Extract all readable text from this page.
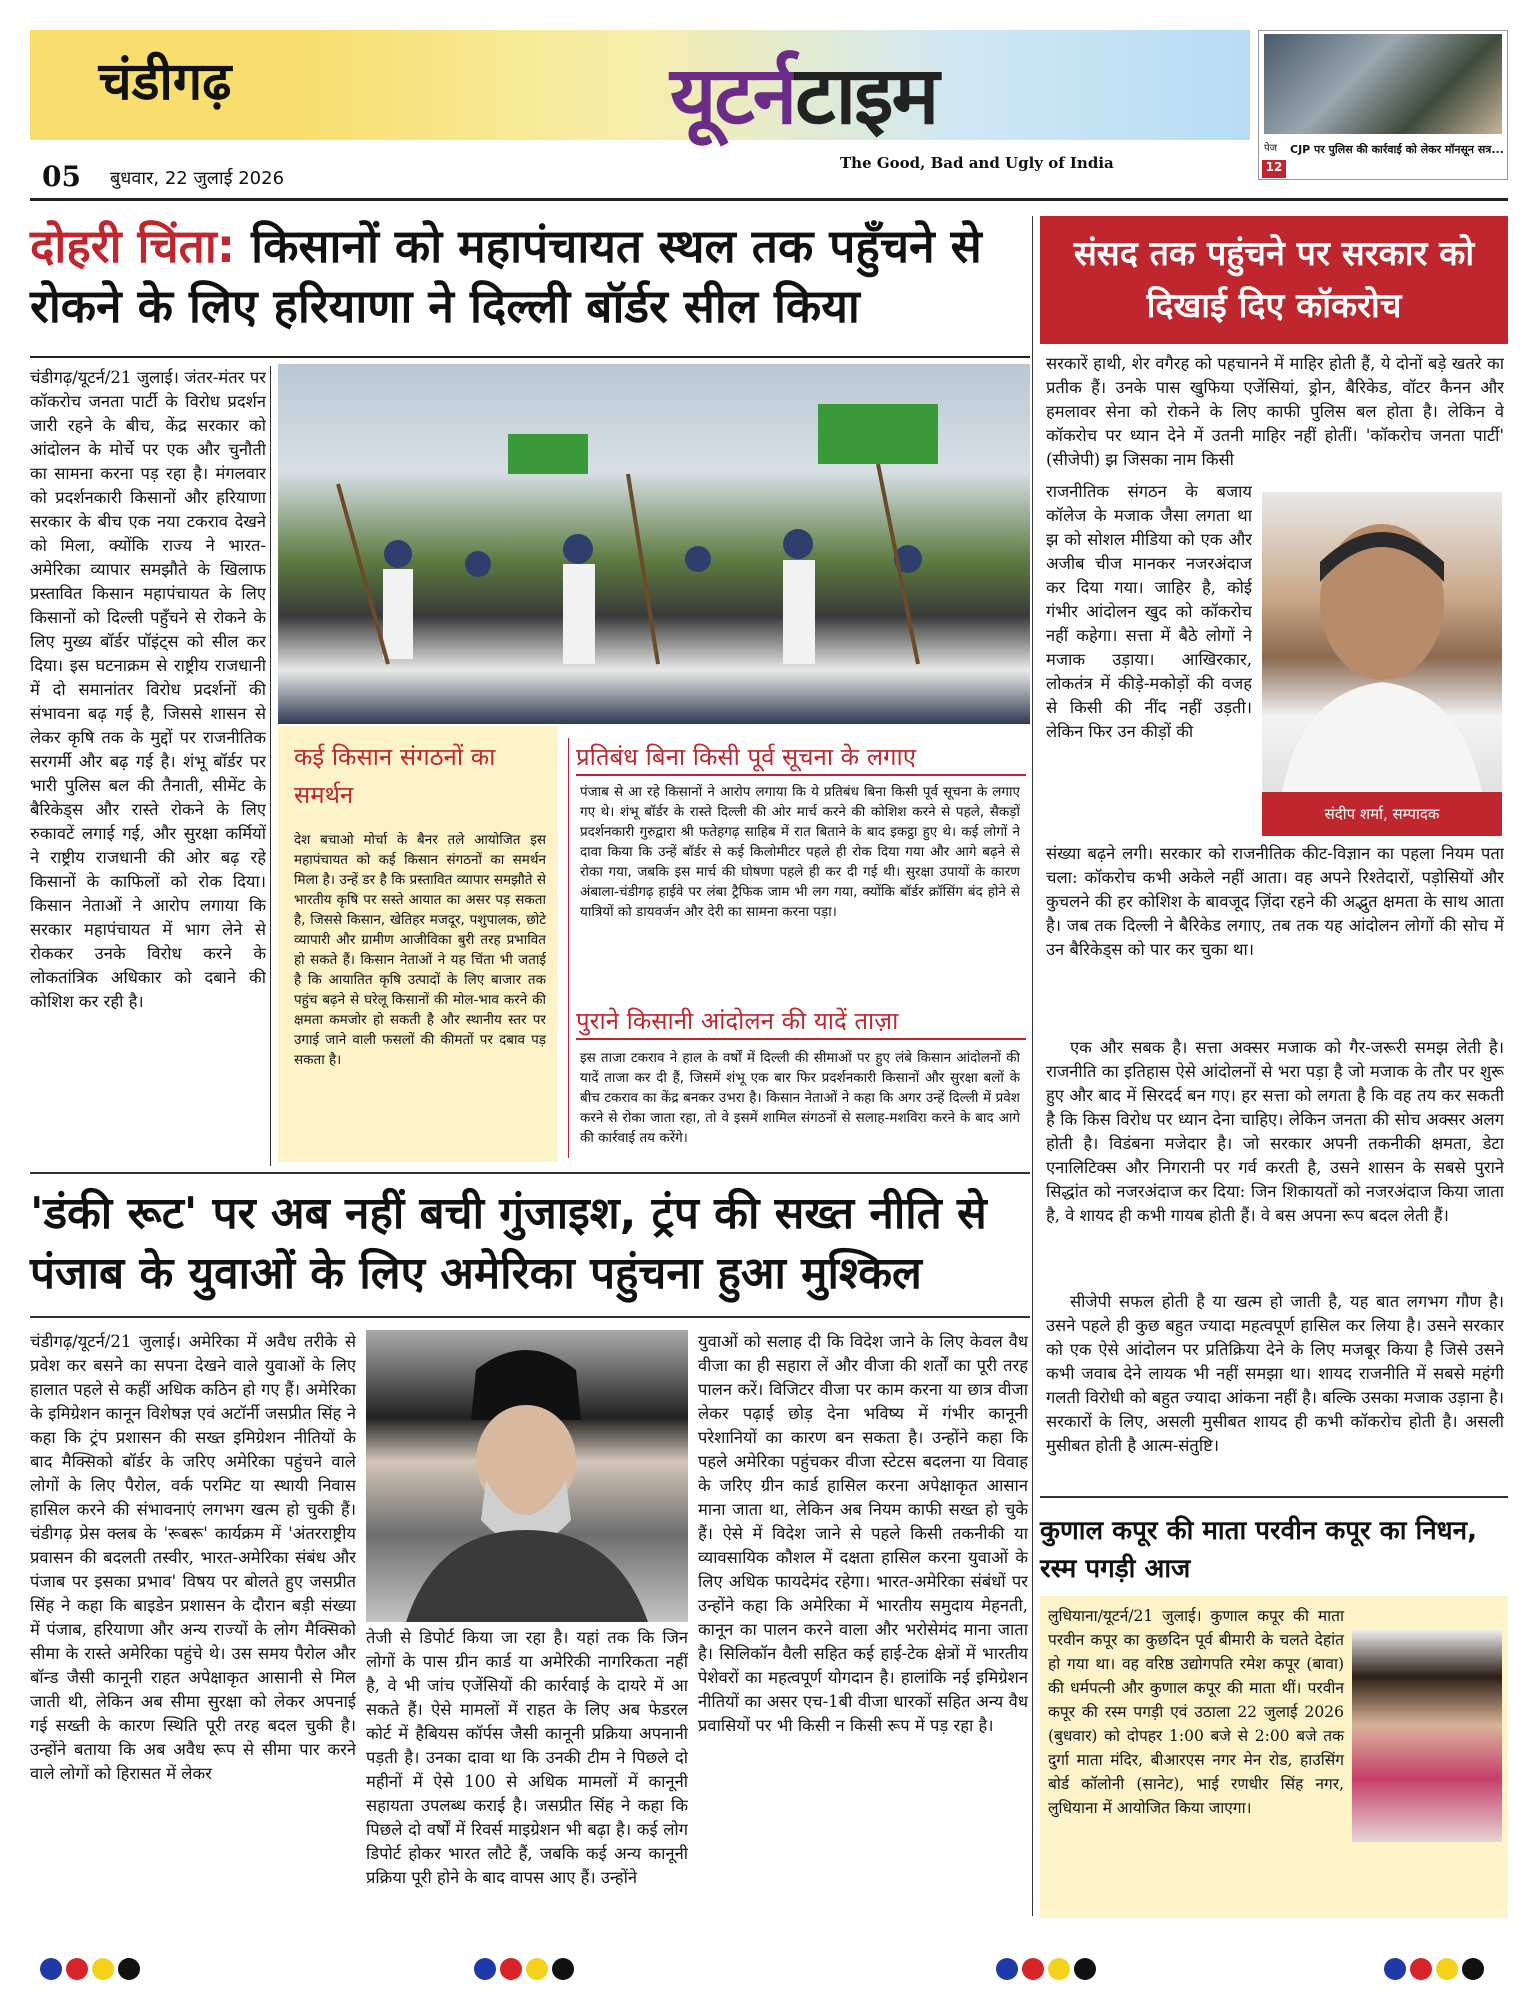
चंडीगढ़	यूटर्नटाइम
The Good, Bad and Ugly of India
05 बुधवार, 22 जुलाई 2026
पेज
12
CJP पर पुलिस की कार्रवाई को लेकर मॉनसून सत्र...
दोहरी चिंता: किसानों को महापंचायत स्थल तक पहुँचने से रोकने के लिए हरियाणा ने दिल्ली बॉर्डर सील किया
चंडीगढ़/यूटर्न/21 जुलाई। जंतर-मंतर पर कॉकरोच जनता पार्टी के विरोध प्रदर्शन जारी रहने के बीच, केंद्र सरकार को आंदोलन के मोर्चे पर एक और चुनौती का सामना करना पड़ रहा है। मंगलवार को प्रदर्शनकारी किसानों और हरियाणा सरकार के बीच एक नया टकराव देखने को मिला, क्योंकि राज्य ने भारत-अमेरिका व्यापार समझौते के खिलाफ प्रस्तावित किसान महापंचायत के लिए किसानों को दिल्ली पहुँचने से रोकने के लिए मुख्य बॉर्डर पॉइंट्स को सील कर दिया। इस घटनाक्रम से राष्ट्रीय राजधानी में दो समानांतर विरोध प्रदर्शनों की संभावना बढ़ गई है, जिससे शासन से लेकर कृषि तक के मुद्दों पर राजनीतिक सरगर्मी और बढ़ गई है। शंभू बॉर्डर पर भारी पुलिस बल की तैनाती, सीमेंट के बैरिकेड्स और रास्ते रोकने के लिए रुकावटें लगाई गई, और सुरक्षा कर्मियों ने राष्ट्रीय राजधानी की ओर बढ़ रहे किसानों के काफिलों को रोक दिया। किसान नेताओं ने आरोप लगाया कि सरकार महापंचायत में भाग लेने से रोककर उनके विरोध करने के लोकतांत्रिक अधिकार को दबाने की कोशिश कर रही है।
कई किसान संगठनों का समर्थन
देश बचाओ मोर्चा के बैनर तले आयोजित इस महापंचायत को कई किसान संगठनों का समर्थन मिला है। उन्हें डर है कि प्रस्तावित व्यापार समझौते से भारतीय कृषि पर सस्ते आयात का असर पड़ सकता है, जिससे किसान, खेतिहर मजदूर, पशुपालक, छोटे व्यापारी और ग्रामीण आजीविका बुरी तरह प्रभावित हो सकते हैं। किसान नेताओं ने यह चिंता भी जताई है कि आयातित कृषि उत्पादों के लिए बाजार तक पहुंच बढ़ने से घरेलू किसानों की मोल-भाव करने की क्षमता कमजोर हो सकती है और स्थानीय स्तर पर उगाई जाने वाली फसलों की कीमतों पर दबाव पड़ सकता है।
प्रतिबंध बिना किसी पूर्व सूचना के लगाए
पंजाब से आ रहे किसानों ने आरोप लगाया कि ये प्रतिबंध बिना किसी पूर्व सूचना के लगाए गए थे। शंभू बॉर्डर के रास्ते दिल्ली की ओर मार्च करने की कोशिश करने से पहले, सैकड़ों प्रदर्शनकारी गुरुद्वारा श्री फतेहगढ़ साहिब में रात बिताने के बाद इकट्ठा हुए थे। कई लोगों ने दावा किया कि उन्हें बॉर्डर से कई किलोमीटर पहले ही रोक दिया गया और आगे बढ़ने से रोका गया, जबकि इस मार्च की घोषणा पहले ही कर दी गई थी। सुरक्षा उपायों के कारण अंबाला-चंडीगढ़ हाईवे पर लंबा ट्रैफिक जाम भी लग गया, क्योंकि बॉर्डर क्रॉसिंग बंद होने से यात्रियों को डायवर्जन और देरी का सामना करना पड़ा।
पुराने किसानी आंदोलन की यादें ताज़ा
इस ताजा टकराव ने हाल के वर्षों में दिल्ली की सीमाओं पर हुए लंबे किसान आंदोलनों की यादें ताजा कर दी हैं, जिसमें शंभू एक बार फिर प्रदर्शनकारी किसानों और सुरक्षा बलों के बीच टकराव का केंद्र बनकर उभरा है। किसान नेताओं ने कहा कि अगर उन्हें दिल्ली में प्रवेश करने से रोका जाता रहा, तो वे इसमें शामिल संगठनों से सलाह-मशविरा करने के बाद आगे की कार्रवाई तय करेंगे।
संसद तक पहुंचने पर सरकार को दिखाई दिए कॉकरोच
सरकारें हाथी, शेर वगैरह को पहचानने में माहिर होती हैं, ये दोनों बड़े खतरे का प्रतीक हैं। उनके पास खुफिया एजेंसियां, ड्रोन, बैरिकेड, वॉटर कैनन और हमलावर सेना को रोकने के लिए काफी पुलिस बल होता है। लेकिन वे कॉकरोच पर ध्यान देने में उतनी माहिर नहीं होतीं। 'कॉकरोच जनता पार्टी' (सीजेपी) झ जिसका नाम किसी
राजनीतिक संगठन के बजाय कॉलेज के मजाक जैसा लगता था झ को सोशल मीडिया को एक और अजीब चीज मानकर नजरअंदाज कर दिया गया। जाहिर है, कोई गंभीर आंदोलन खुद को कॉकरोच नहीं कहेगा। सत्ता में बैठे लोगों ने मजाक उड़ाया। आखिरकार, लोकतंत्र में कीड़े-मकोड़ों की वजह से किसी की नींद नहीं उड़ती। लेकिन फिर उन कीड़ों की
संदीप शर्मा, सम्पादक
संख्या बढ़ने लगी। सरकार को राजनीतिक कीट-विज्ञान का पहला नियम पता चला: कॉकरोच कभी अकेले नहीं आता। वह अपने रिश्तेदारों, पड़ोसियों और कुचलने की हर कोशिश के बावजूद ज़िंदा रहने की अद्भुत क्षमता के साथ आता है। जब तक दिल्ली ने बैरिकेड लगाए, तब तक यह आंदोलन लोगों की सोच में उन बैरिकेड्स को पार कर चुका था।
एक और सबक है। सत्ता अक्सर मजाक को गैर-जरूरी समझ लेती है। राजनीति का इतिहास ऐसे आंदोलनों से भरा पड़ा है जो मजाक के तौर पर शुरू हुए और बाद में सिरदर्द बन गए। हर सत्ता को लगता है कि वह तय कर सकती है कि किस विरोध पर ध्यान देना चाहिए। लेकिन जनता की सोच अक्सर अलग होती है। विडंबना मजेदार है। जो सरकार अपनी तकनीकी क्षमता, डेटा एनालिटिक्स और निगरानी पर गर्व करती है, उसने शासन के सबसे पुराने सिद्धांत को नजरअंदाज कर दिया: जिन शिकायतों को नजरअंदाज किया जाता है, वे शायद ही कभी गायब होती हैं। वे बस अपना रूप बदल लेती हैं।
सीजेपी सफल होती है या खत्म हो जाती है, यह बात लगभग गौण है। उसने पहले ही कुछ बहुत ज्यादा महत्वपूर्ण हासिल कर लिया है। उसने सरकार को एक ऐसे आंदोलन पर प्रतिक्रिया देने के लिए मजबूर किया है जिसे उसने कभी जवाब देने लायक भी नहीं समझा था। शायद राजनीति में सबसे महंगी गलती विरोधी को बहुत ज्यादा आंकना नहीं है। बल्कि उसका मजाक उड़ाना है। सरकारों के लिए, असली मुसीबत शायद ही कभी कॉकरोच होती है। असली मुसीबत होती है आत्म-संतुष्टि।
'डंकी रूट' पर अब नहीं बची गुंजाइश, ट्रंप की सख्त नीति से पंजाब के युवाओं के लिए अमेरिका पहुंचना हुआ मुश्किल
चंडीगढ़/यूटर्न/21 जुलाई। अमेरिका में अवैध तरीके से प्रवेश कर बसने का सपना देखने वाले युवाओं के लिए हालात पहले से कहीं अधिक कठिन हो गए हैं। अमेरिका के इमिग्रेशन कानून विशेषज्ञ एवं अटॉर्नी जसप्रीत सिंह ने कहा कि ट्रंप प्रशासन की सख्त इमिग्रेशन नीतियों के बाद मैक्सिको बॉर्डर के जरिए अमेरिका पहुंचने वाले लोगों के लिए पैरोल, वर्क परमिट या स्थायी निवास हासिल करने की संभावनाएं लगभग खत्म हो चुकी हैं। चंडीगढ़ प्रेस क्लब के 'रूबरू' कार्यक्रम में 'अंतरराष्ट्रीय प्रवासन की बदलती तस्वीर, भारत-अमेरिका संबंध और पंजाब पर इसका प्रभाव' विषय पर बोलते हुए जसप्रीत सिंह ने कहा कि बाइडेन प्रशासन के दौरान बड़ी संख्या में पंजाब, हरियाणा और अन्य राज्यों के लोग मैक्सिको सीमा के रास्ते अमेरिका पहुंचे थे। उस समय पैरोल और बॉन्ड जैसी कानूनी राहत अपेक्षाकृत आसानी से मिल जाती थी, लेकिन अब सीमा सुरक्षा को लेकर अपनाई गई सख्ती के कारण स्थिति पूरी तरह बदल चुकी है। उन्होंने बताया कि अब अवैध रूप से सीमा पार करने वाले लोगों को हिरासत में लेकर
तेजी से डिपोर्ट किया जा रहा है। यहां तक कि जिन लोगों के पास ग्रीन कार्ड या अमेरिकी नागरिकता नहीं है, वे भी जांच एजेंसियों की कार्रवाई के दायरे में आ सकते हैं। ऐसे मामलों में राहत के लिए अब फेडरल कोर्ट में हैबियस कॉर्पस जैसी कानूनी प्रक्रिया अपनानी पड़ती है। उनका दावा था कि उनकी टीम ने पिछले दो महीनों में ऐसे 100 से अधिक मामलों में कानूनी सहायता उपलब्ध कराई है। जसप्रीत सिंह ने कहा कि पिछले दो वर्षों में रिवर्स माइग्रेशन भी बढ़ा है। कई लोग डिपोर्ट होकर भारत लौटे हैं, जबकि कई अन्य कानूनी प्रक्रिया पूरी होने के बाद वापस आए हैं। उन्होंने
युवाओं को सलाह दी कि विदेश जाने के लिए केवल वैध वीजा का ही सहारा लें और वीजा की शर्तों का पूरी तरह पालन करें। विजिटर वीजा पर काम करना या छात्र वीजा लेकर पढ़ाई छोड़ देना भविष्य में गंभीर कानूनी परेशानियों का कारण बन सकता है। उन्होंने कहा कि पहले अमेरिका पहुंचकर वीजा स्टेटस बदलना या विवाह के जरिए ग्रीन कार्ड हासिल करना अपेक्षाकृत आसान माना जाता था, लेकिन अब नियम काफी सख्त हो चुके हैं। ऐसे में विदेश जाने से पहले किसी तकनीकी या व्यावसायिक कौशल में दक्षता हासिल करना युवाओं के लिए अधिक फायदेमंद रहेगा। भारत-अमेरिका संबंधों पर उन्होंने कहा कि अमेरिका में भारतीय समुदाय मेहनती, कानून का पालन करने वाला और भरोसेमंद माना जाता है। सिलिकॉन वैली सहित कई हाई-टेक क्षेत्रों में भारतीय पेशेवरों का महत्वपूर्ण योगदान है। हालांकि नई इमिग्रेशन नीतियों का असर एच-1बी वीजा धारकों सहित अन्य वैध प्रवासियों पर भी किसी न किसी रूप में पड़ रहा है।
कुणाल कपूर की माता परवीन कपूर का निधन, रस्म पगड़ी आज
लुधियाना/यूटर्न/21 जुलाई। कुणाल कपूर की माता परवीन कपूर का कुछदिन पूर्व बीमारी के चलते देहांत हो गया था। वह वरिष्ठ उद्योगपति रमेश कपूर (बावा) की धर्मपत्नी और कुणाल कपूर की माता थीं। परवीन कपूर की रस्म पगड़ी एवं उठाला 22 जुलाई 2026 (बुधवार) को दोपहर 1:00 बजे से 2:00 बजे तक दुर्गा माता मंदिर, बीआरएस नगर मेन रोड, हाउसिंग बोर्ड कॉलोनी (सानेट), भाई रणधीर सिंह नगर, लुधियाना में आयोजित किया जाएगा।
